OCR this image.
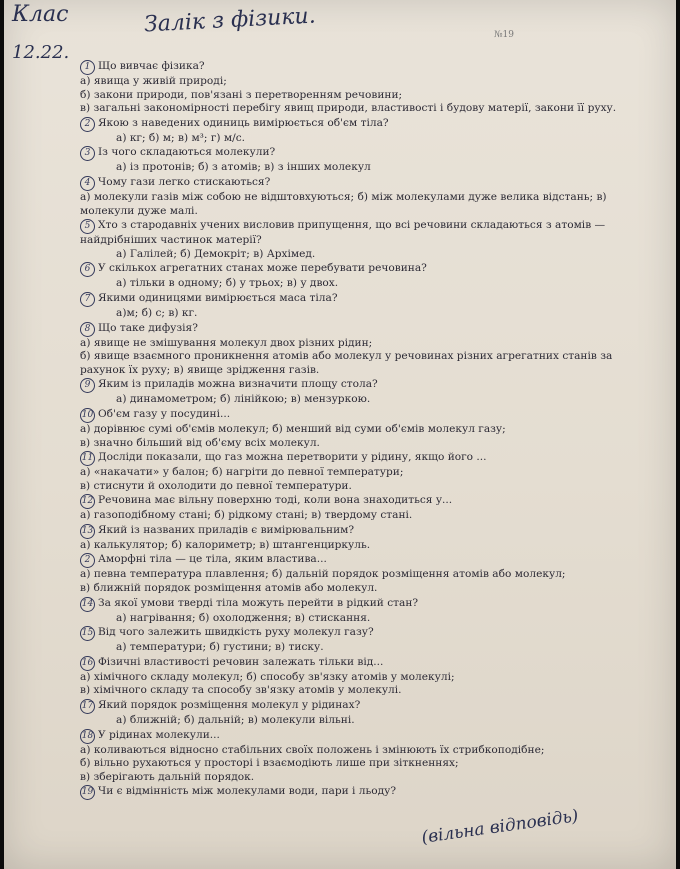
Клас
12.22.
Залік з фізики.	№19
1 Що вивчає фізика?
а) явища у живій природі;
б) закони природи, пов'язані з перетворенням речовини;
в) загальні закономірності перебігу явищ природи, властивості і будову матерії, закони її руху.
2 Якою з наведених одиниць вимірюється об'єм тіла?
а) кг; б) м; в) м³; г) м/с.
3 Із чого складаються молекули?
а) із протонів; б) з атомів; в) з інших молекул
4 Чому гази легко стискаються?
а) молекули газів між собою не відштовхуються; б) між молекулами дуже велика відстань; в) молекули дуже малі.
5 Хто з стародавніх учених висловив припущення, що всі речовини складаються з атомів — найдрібніших частинок матерії?
а) Галілей; б) Демокріт; в) Архімед.
6 У скількох агрегатних станах може перебувати речовина?
а) тільки в одному; б) у трьох; в) у двох.
7 Якими одиницями вимірюється маса тіла?
а)м; б) с; в) кг.
8 Що таке дифузія?
а) явище не змішування молекул двох різних рідин;
б) явище взаємного проникнення атомів або молекул у речовинах різних агрегатних станів за рахунок їх руху; в) явище зрідження газів.
9 Яким із приладів можна визначити площу стола?
а) динамометром; б) лінійкою; в) мензуркою.
10 Об'єм газу у посудині...
а) дорівнює сумі об'ємів молекул; б) менший від суми об'ємів молекул газу;
в) значно більший від об'єму всіх молекул.
11 Досліди показали, що газ можна перетворити у рідину, якщо його ...
а) «накачати» у балон; б) нагріти до певної температури;
в) стиснути й охолодити до певної температури.
12 Речовина має вільну поверхню тоді, коли вона знаходиться у...
а) газоподібному стані; б) рідкому стані; в) твердому стані.
13 Який із названих приладів є вимірювальним?
а) калькулятор; б) калориметр; в) штангенциркуль.
2 Аморфні тіла — це тіла, яким властива...
а) певна температура плавлення; б) дальній порядок розміщення атомів або молекул;
в) ближній порядок розміщення атомів або молекул.
14 За якої умови тверді тіла можуть перейти в рідкий стан?
а) нагрівання; б) охолодження; в) стискання.
15 Від чого залежить швидкість руху молекул газу?
а) температури; б) густини; в) тиску.
16 Фізичні властивості речовин залежать тільки від...
а) хімічного складу молекул; б) способу зв'язку атомів у молекулі;
в) хімічного складу та способу зв'язку атомів у молекулі.
17 Який порядок розміщення молекул у рідинах?
а) ближній; б) дальній; в) молекули вільні.
18 У рідинах молекули...
а) коливаються відносно стабільних своїх положень і змінюють їх стрибкоподібне;
б) вільно рухаються у просторі і взаємодіють лише при зіткненнях;
в) зберігають дальній порядок.
19 Чи є відмінність між молекулами води, пари і льоду?
(вільна відповідь)
